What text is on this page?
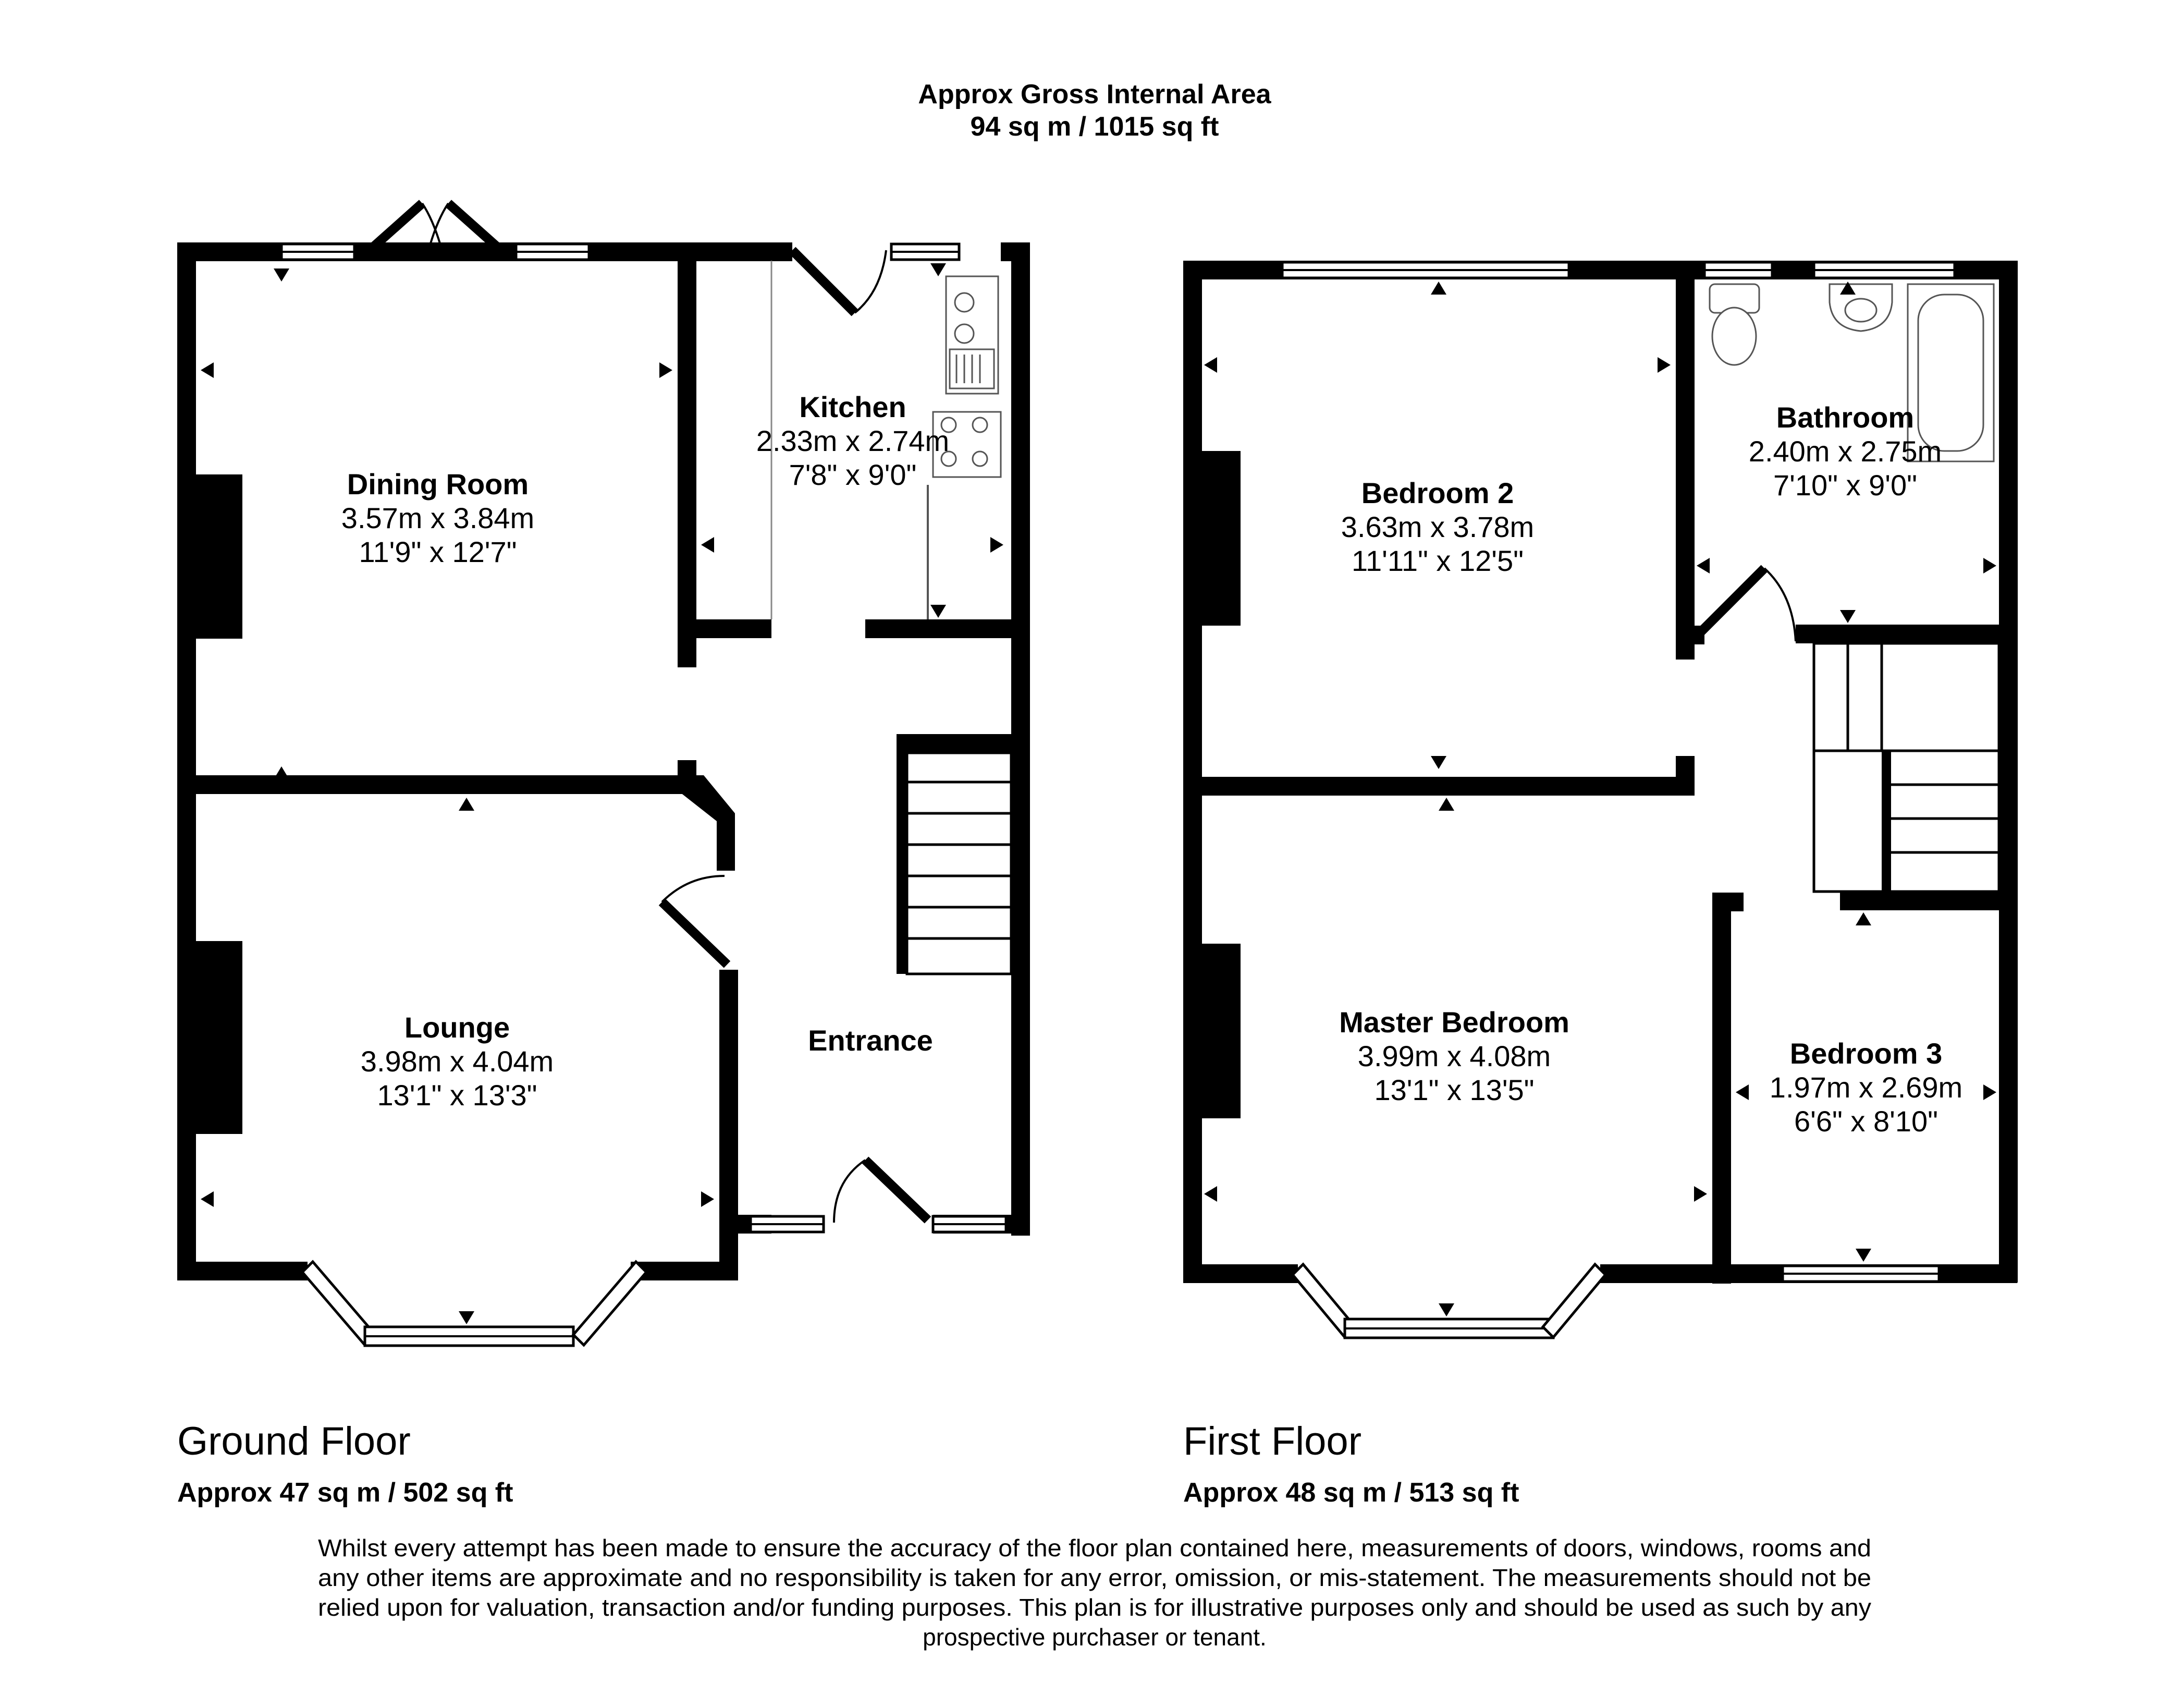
Approx Gross Internal Area
94 sq m / 1015 sq ft
Dining Room
3.57m x 3.84m
11'9" x 12'7"
Kitchen
2.33m x 2.74m
7'8" x 9'0"
Lounge
3.98m x 4.04m
13'1" x 13'3"
Entrance
Bedroom 2
3.63m x 3.78m
11'11" x 12'5"
Bathroom
2.40m x 2.75m
7'10" x 9'0"
Master Bedroom
3.99m x 4.08m
13'1" x 13'5"
Bedroom 3
1.97m x 2.69m
6'6" x 8'10"
Ground Floor
Approx 47 sq m / 502 sq ft
First Floor
Approx 48 sq m / 513 sq ft
Whilst every attempt has been made to ensure the accuracy of the floor plan contained here, measurements of doors, windows, rooms and
any other items are approximate and no responsibility is taken for any error, omission, or mis-statement. The measurements should not be
relied upon for valuation, transaction and/or funding purposes. This plan is for illustrative purposes only and should be used as such by any
prospective purchaser or tenant.
